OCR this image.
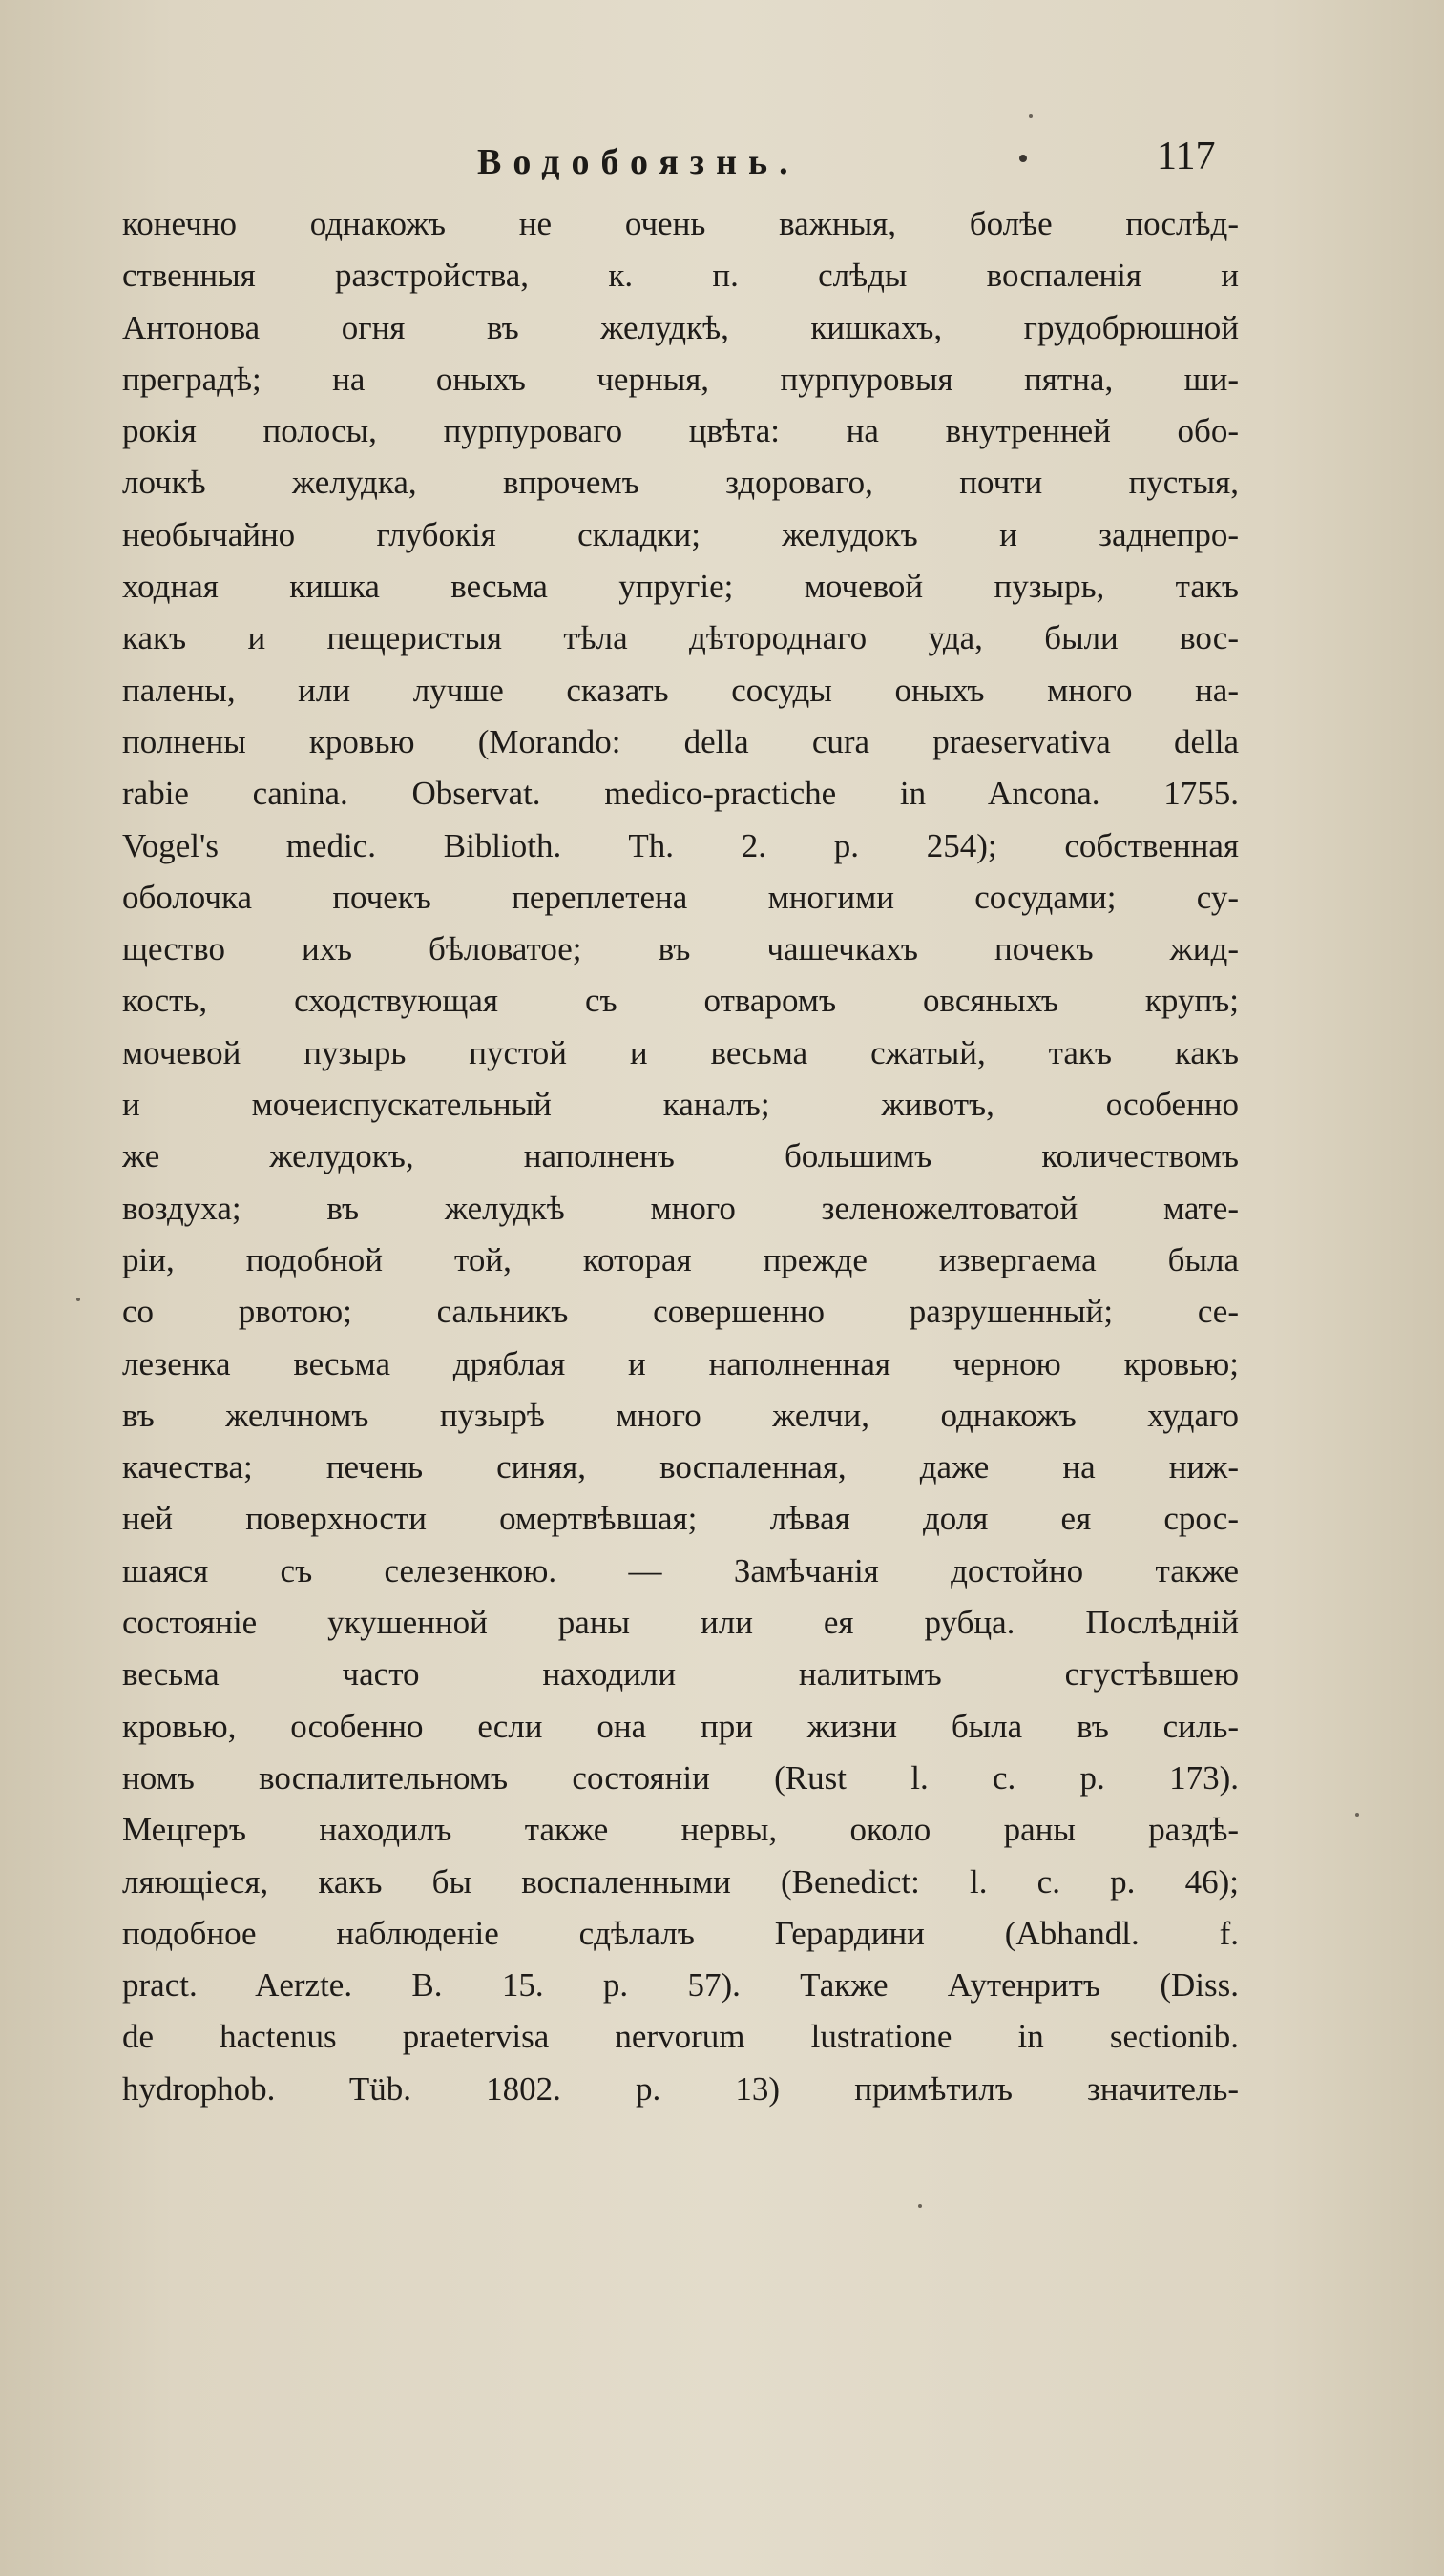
Водобоязнь.	117
конечно однакожъ не очень важныя, болѣе послѣд-
ственныя разстройства, к. п. слѣды воспаленія и
Антонова огня въ желудкѣ, кишкахъ, грудобрюшной
преградѣ; на оныхъ черныя, пурпуровыя пятна, ши-
рокія полосы, пурпуроваго цвѣта: на внутренней обо-
лочкѣ желудка, впрочемъ здороваго, почти пустыя,
необычайно глубокія складки; желудокъ и заднепро-
ходная кишка весьма упругіе; мочевой пузырь, такъ
какъ и пещеристыя тѣла дѣтороднаго уда, были вос-
палены, или лучше сказать сосуды оныхъ много на-
полнены кровью (Morando: della cura praeservativa della
rabie canina. Observat. medico-practiche in Ancona. 1755.
Vogel's medic. Biblioth. Th. 2. p. 254); собственная
оболочка почекъ переплетена многими сосудами; су-
щество ихъ бѣловатое; въ чашечкахъ почекъ жид-
кость, сходствующая съ отваромъ овсяныхъ крупъ;
мочевой пузырь пустой и весьма сжатый, такъ какъ
и мочеиспускательный каналъ; животъ, особенно
же желудокъ, наполненъ большимъ количествомъ
воздуха; въ желудкѣ много зеленожелтоватой мате-
ріи, подобной той, которая прежде извергаема была
со рвотою; сальникъ совершенно разрушенный; се-
лезенка весьма дряблая и наполненная черною кровью;
въ желчномъ пузырѣ много желчи, однакожъ худаго
качества; печень синяя, воспаленная, даже на ниж-
ней поверхности омертвѣвшая; лѣвая доля ея срос-
шаяся съ селезенкою. — Замѣчанія достойно также
состояніе укушенной раны или ея рубца. Послѣдній
весьма часто находили налитымъ сгустѣвшею
кровью, особенно если она при жизни была въ силь-
номъ воспалительномъ состояніи (Rust l. c. p. 173).
Мецгеръ находилъ также нервы, около раны раздѣ-
ляющіеся, какъ бы воспаленными (Benedict: l. c. p. 46);
подобное наблюденіе сдѣлалъ Герардини (Abhandl. f.
pract. Aerzte. B. 15. p. 57). Также Аутенритъ (Diss.
de hactenus praetervisa nervorum lustratione in sectionib.
hydrophob. Tüb. 1802. p. 13) примѣтилъ значитель-
